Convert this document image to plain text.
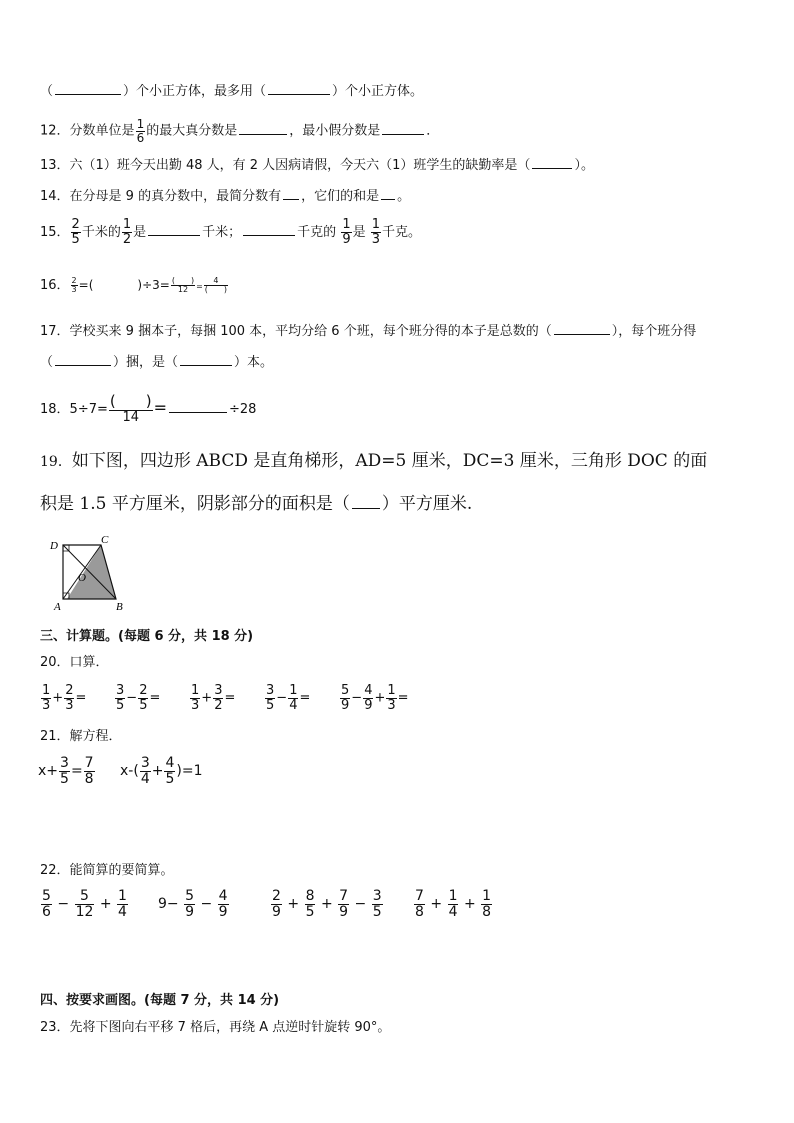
（	）个小正方体，最多用（	）个小正方体。
12．分数单位是 $\frac{1}{6}$ 的最大真分数是	，最小假分数是	．
13．六（1）班今天出勤 48 人，有 2 人因病请假，今天六（1）班学生的缺勤率是（	）。
14．在分母是 9 的真分数中，最简分数有 ，它们的和是 。
15． $\frac{2}{5}$ 千米的 $\frac{1}{2}$ 是	千米；	千克的 $\frac{1}{9}$ 是 $\frac{1}{3}$ 千克。
16． $\frac{2}{3}$ =(	)$\div 3= \frac{( )}{12} = \frac{4}{( )}$
17．学校买来 9 捆本子，每捆 100 本，平均分给 6 个班，每个班分得的本子是总数的（	），每个班分得
（	）捆，是（	）本。
18．$5\div 7= \frac{( )}{14}$ =	÷28
19．如下图，四边形 ABCD 是直角梯形，AD=5 厘米，DC=3 厘米，三角形 DOC 的面
积是 1.5 平方厘米，阴影部分的面积是（ ）平方厘米.
D	C
O
A	B
三、计算题。(每题 6 分，共 18 分)
20．口算．
$\frac{1}{3} + \frac{2}{3} = \frac{3}{5} - \frac{2}{5} = \frac{1}{3} + \frac{3}{2} = \frac{3}{5} - \frac{1}{4} = \frac{5}{9} - \frac{4}{9} + \frac{1}{3}$ =
21．解方程．
$x+ \frac{3}{5} = \frac{7}{8} x-( \frac{3}{4} + \frac{4}{5} )=1$
22．能简算的要简算。
$\frac{5}{6} - \frac{5}{12} + \frac{1}{4} 9- \frac{5}{9} - \frac{4}{9}$	$\frac{2}{9} + \frac{8}{5} + \frac{7}{9} - \frac{3}{5} \frac{7}{8} + \frac{1}{4} + \frac{1}{8}$
四、按要求画图。(每题 7 分，共 14 分)
23．先将下图向右平移 7 格后，再绕 A 点逆时针旋转 90°。
